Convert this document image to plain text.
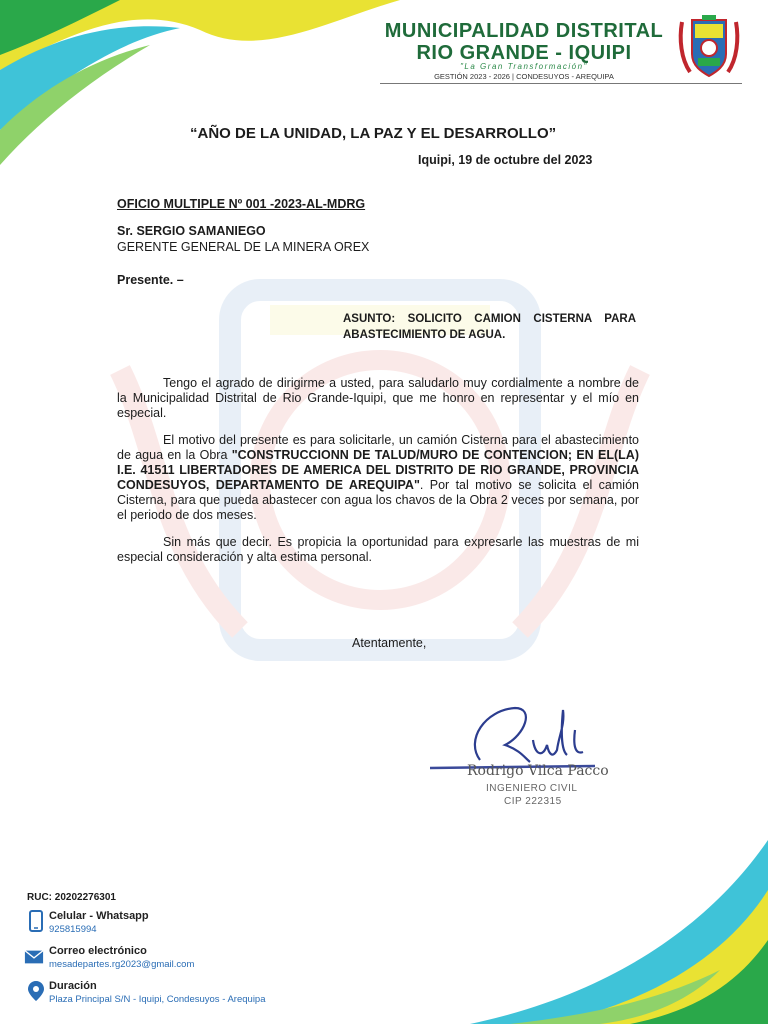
MUNICIPALIDAD DISTRITAL
RIO GRANDE - IQUIPI
"La Gran Transformación"
GESTIÓN 2023 - 2026 | CONDESUYOS - AREQUIPA
“AÑO DE LA UNIDAD, LA PAZ Y EL DESARROLLO”
Iquipi, 19 de octubre del 2023
OFICIO MULTIPLE Nº 001 -2023-AL-MDRG
Sr. SERGIO SAMANIEGO
GERENTE GENERAL DE LA MINERA OREX
Presente. –
ASUNTO: SOLICITO CAMION CISTERNA PARA ABASTECIMIENTO DE AGUA.
Tengo el agrado de dirigirme a usted, para saludarlo muy cordialmente a nombre de la Municipalidad Distrital de Rio Grande-Iquipi, que me honro en representar y el mío en especial.
El motivo del presente es para solicitarle, un camión Cisterna para el abastecimiento de agua en la Obra "CONSTRUCCIONN DE TALUD/MURO DE CONTENCION; EN EL(LA) I.E. 41511 LIBERTADORES DE AMERICA DEL DISTRITO DE RIO GRANDE, PROVINCIA CONDESUYOS, DEPARTAMENTO DE AREQUIPA". Por tal motivo se solicita el camión Cisterna, para que pueda abastecer con agua los chavos de la Obra 2 veces por semana, por el periodo de dos meses.
Sin más que decir. Es propicia la oportunidad para expresarle las muestras de mi especial consideración y alta estima personal.
Atentamente,
Rodrigo Vilca Pacco
INGENIERO CIVIL
CIP 222315
RUC: 20202276301
Celular - Whatsapp
925815994
Correo electrónico
mesadepartes.rg2023@gmail.com
Duración
Plaza Principal S/N - Iquipi, Condesuyos - Arequipa
